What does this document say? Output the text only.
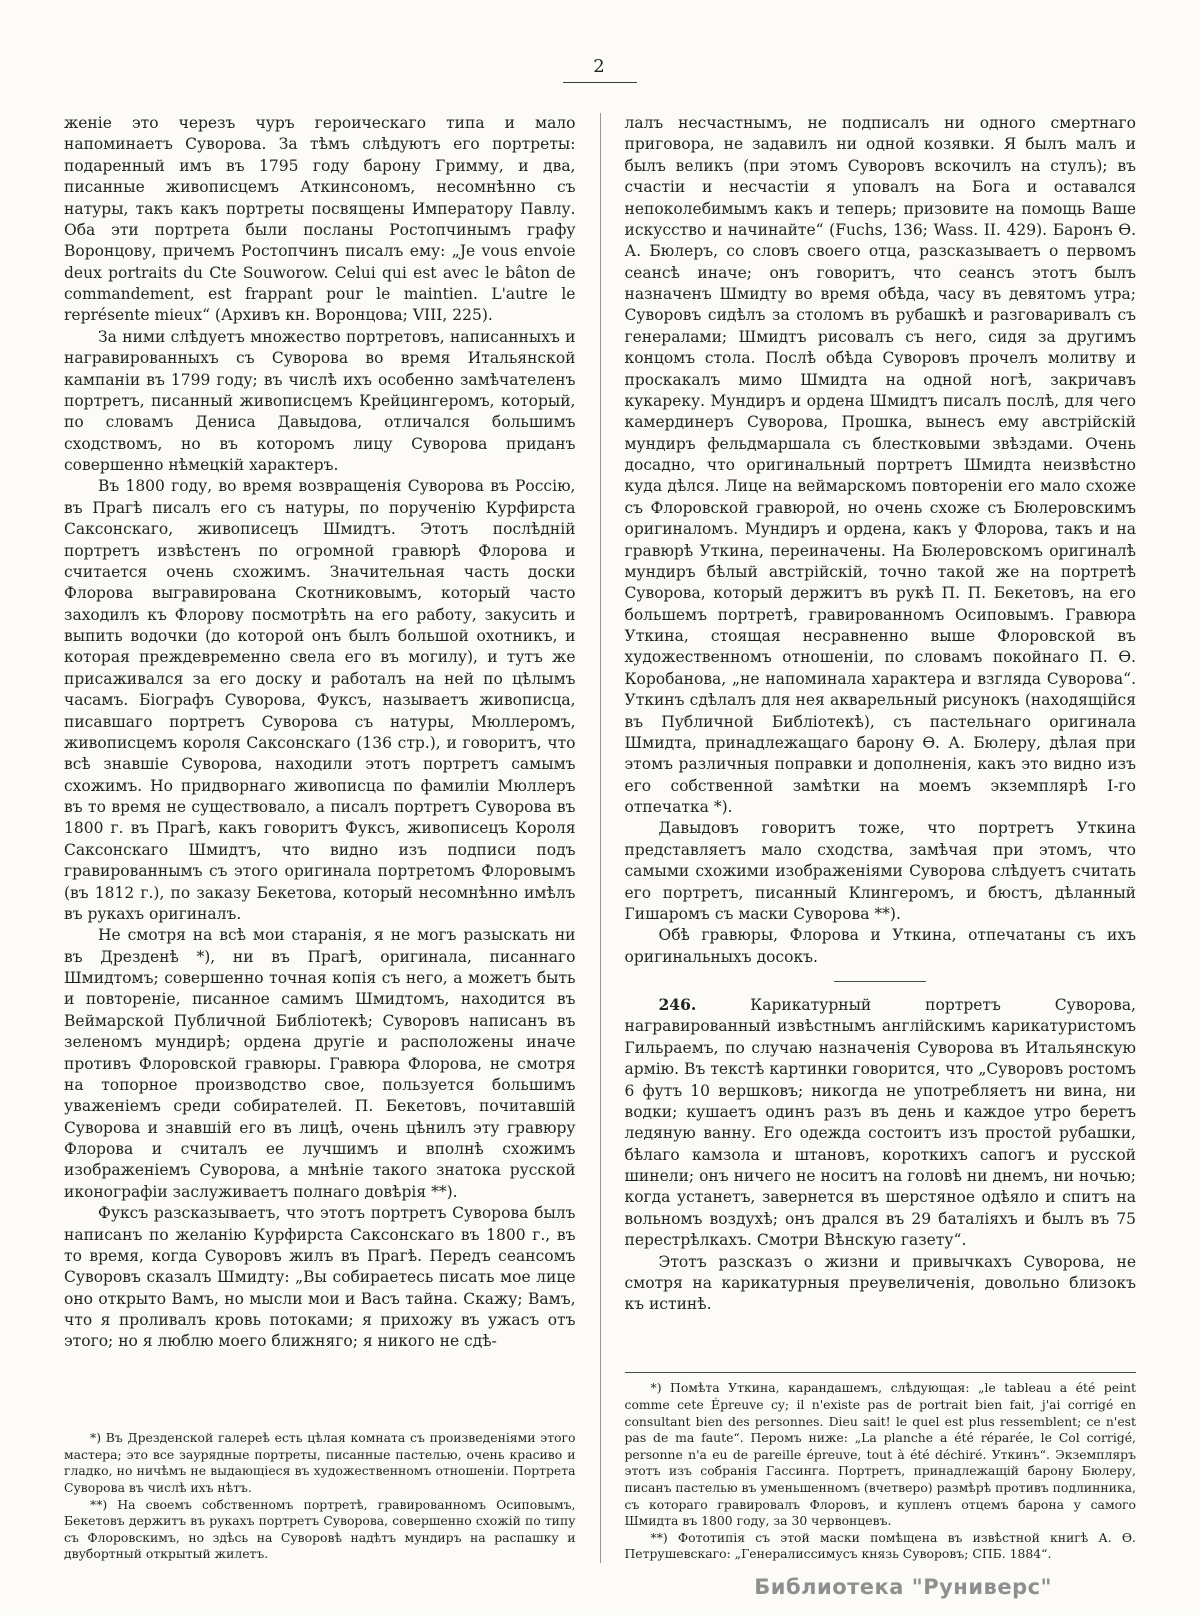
2

женіе это черезъ чуръ героическаго типа и мало напоминаетъ Суворова. За тѣмъ слѣдуютъ его портреты: подаренный имъ въ 1795 году барону Гримму, и два, писанные живописцемъ Аткинсономъ, несомнѣнно съ натуры, такъ какъ портреты посвящены Императору Павлу. Оба эти портрета были посланы Ростопчинымъ графу Воронцову, причемъ Ростопчинъ писалъ ему: „Je vous envoie deux portraits du Cte Souworow. Celui qui est avec le bâton de commandement, est frappant pour le maintien. L'autre le représente mieux“ (Архивъ кн. Воронцова; VIII, 225).

За ними слѣдуетъ множество портретовъ, написанныхъ и награвированныхъ съ Суворова во время Итальянской кампаніи въ 1799 году; въ числѣ ихъ особенно замѣчателенъ портретъ, писанный живописцемъ Крейцингеромъ, который, по словамъ Дениса Давыдова, отличался большимъ сходствомъ, но въ которомъ лицу Суворова приданъ совершенно нѣмецкій характеръ.

Въ 1800 году, во время возвращенія Суворова въ Россію, въ Прагѣ писалъ его съ натуры, по порученію Курфирста Саксонскаго, живописецъ Шмидтъ. Этотъ послѣдній портретъ извѣстенъ по огромной гравюрѣ Флорова и считается очень схожимъ. Значительная часть доски Флорова выгравирована Скотниковымъ, который часто заходилъ къ Флорову посмотрѣть на его работу, закусить и выпить водочки (до которой онъ былъ большой охотникъ, и которая преждевременно свела его въ могилу), и тутъ же присаживался за его доску и работалъ на ней по цѣлымъ часамъ. Біографъ Суворова, Фуксъ, называетъ живописца, писавшаго портретъ Суворова съ натуры, Мюллеромъ, живописцемъ короля Саксонскаго (136 стр.), и говоритъ, что всѣ знавшіе Суворова, находили этотъ портретъ самымъ схожимъ. Но придворнаго живописца по фамиліи Мюллеръ въ то время не существовало, а писалъ портретъ Суворова въ 1800 г. въ Прагѣ, какъ говоритъ Фуксъ, живописецъ Короля Саксонскаго Шмидтъ, что видно изъ подписи подъ гравированнымъ съ этого оригинала портретомъ Флоровымъ (въ 1812 г.), по заказу Бекетова, который несомнѣнно имѣлъ въ рукахъ оригиналъ.

Не смотря на всѣ мои старанія, я не могъ разыскать ни въ Дрезденѣ *), ни въ Прагѣ, оригинала, писаннаго Шмидтомъ; совершенно точная копія съ него, а можетъ быть и повтореніе, писанное самимъ Шмидтомъ, находится въ Веймарской Публичной Библіотекѣ; Суворовъ написанъ въ зеленомъ мундирѣ; ордена другіе и расположены иначе противъ Флоровской гравюры. Гравюра Флорова, не смотря на топорное производство свое, пользуется большимъ уваженіемъ среди собирателей. П. Бекетовъ, почитавшій Суворова и знавшій его въ лицѣ, очень цѣнилъ эту гравюру Флорова и считалъ ее лучшимъ и вполнѣ схожимъ изображеніемъ Суворова, а мнѣніе такого знатока русской иконографіи заслуживаетъ полнаго довѣрія **).

Фуксъ разсказываетъ, что этотъ портретъ Суворова былъ написанъ по желанію Курфирста Саксонскаго въ 1800 г., въ то время, когда Суворовъ жилъ въ Прагѣ. Передъ сеансомъ Суворовъ сказалъ Шмидту: „Вы собираетесь писать мое лице оно открыто Вамъ, но мысли мои и Васъ тайна. Скажу; Вамъ, что я проливалъ кровь потоками; я прихожу въ ужасъ отъ этого; но я люблю моего ближняго; я никого не сдѣ-

*) Въ Дрезденской галереѣ есть цѣлая комната съ произведеніями этого мастера; это все заурядные портреты, писанные пастелью, очень красиво и гладко, но ничѣмъ не выдающіеся въ художественномъ отношеніи. Портрета Суворова въ числѣ ихъ нѣтъ.

**) На своемъ собственномъ портретѣ, гравированномъ Осиповымъ, Бекетовъ держитъ въ рукахъ портретъ Суворова, совершенно схожій по типу съ Флоровскимъ, но здѣсь на Суворовѣ надѣтъ мундиръ на распашку и двубортный открытый жилетъ.

лалъ несчастнымъ, не подписалъ ни одного смертнаго приговора, не задавилъ ни одной козявки. Я былъ малъ и былъ великъ (при этомъ Суворовъ вскочилъ на стулъ); въ счастіи и несчастіи я уповалъ на Бога и оставался непоколебимымъ какъ и теперь; призовите на помощь Ваше искусство и начинайте“ (Fuchs, 136; Wass. II. 429). Баронъ Ѳ. А. Бюлеръ, со словъ своего отца, разсказываетъ о первомъ сеансѣ иначе; онъ говоритъ, что сеансъ этотъ былъ назначенъ Шмидту во время обѣда, часу въ девятомъ утра; Суворовъ сидѣлъ за столомъ въ рубашкѣ и разговаривалъ съ генералами; Шмидтъ рисовалъ съ него, сидя за другимъ концомъ стола. Послѣ обѣда Суворовъ прочелъ молитву и проскакалъ мимо Шмидта на одной ногѣ, закричавъ кукареку. Мундиръ и ордена Шмидтъ писалъ послѣ, для чего камердинеръ Суворова, Прошка, вынесъ ему австрійскій мундиръ фельдмаршала съ блестковыми звѣздами. Очень досадно, что оригинальный портретъ Шмидта неизвѣстно куда дѣлся. Лице на веймарскомъ повтореніи его мало схоже съ Флоровской гравюрой, но очень схоже съ Бюлеровскимъ оригиналомъ. Мундиръ и ордена, какъ у Флорова, такъ и на гравюрѣ Уткина, переиначены. На Бюлеровскомъ оригиналѣ мундиръ бѣлый австрійскій, точно такой же на портретѣ Суворова, который держитъ въ рукѣ П. П. Бекетовъ, на его большемъ портретѣ, гравированномъ Осиповымъ. Гравюра Уткина, стоящая несравненно выше Флоровской въ художественномъ отношеніи, по словамъ покойнаго П. Ѳ. Коробанова, „не напоминала характера и взгляда Суворова“. Уткинъ сдѣлалъ для нея акварельный рисунокъ (находящійся въ Публичной Библіотекѣ), съ пастельнаго оригинала Шмидта, принадлежащаго барону Ѳ. А. Бюлеру, дѣлая при этомъ различныя поправки и дополненія, какъ это видно изъ его собственной замѣтки на моемъ экземплярѣ I-го отпечатка *).

Давыдовъ говоритъ тоже, что портретъ Уткина представляетъ мало сходства, замѣчая при этомъ, что самыми схожими изображеніями Суворова слѣдуетъ считать его портретъ, писанный Клингеромъ, и бюстъ, дѣланный Гишаромъ съ маски Суворова **).

Обѣ гравюры, Флорова и Уткина, отпечатаны съ ихъ оригинальныхъ досокъ.

246.	Карикатурный портретъ Суворова, награвированный извѣстнымъ англійскимъ карикатуристомъ Гильраемъ, по случаю назначенія Суворова въ Итальянскую армію. Въ текстѣ картинки говорится, что „Суворовъ ростомъ 6 футъ 10 вершковъ; никогда не употребляетъ ни вина, ни водки; кушаетъ одинъ разъ въ день и каждое утро беретъ ледяную ванну. Его одежда состоитъ изъ простой рубашки, бѣлаго камзола и штановъ, короткихъ сапогъ и русской шинели; онъ ничего не носитъ на головѣ ни днемъ, ни ночью; когда устанетъ, завернется въ шерстяное одѣяло и спитъ на вольномъ воздухѣ; онъ дрался въ 29 баталіяхъ и былъ въ 75 перестрѣлкахъ. Смотри Вѣнскую газету“.

Этотъ разсказъ о жизни и привычкахъ Суворова, не смотря на карикатурныя преувеличенія, довольно близокъ къ истинѣ.

*) Помѣта Уткина, карандашемъ, слѣдующая: „le tableau a été peint comme cete Épreuve cy; il n'existe pas de portrait bien fait, j'ai corrigé en consultant bien des personnes. Dieu sait! le quel est plus ressemblent; ce n'est pas de ma faute“. Перомъ ниже: „La planche a été réparée, le Col corrigé, personne n'a eu de pareille épreuve, tout à été déchiré. Уткинъ“. Экземпляръ этотъ изъ собранія Гассинга. Портретъ, принадлежащій барону Бюлеру, писанъ пастелью въ уменьшенномъ (вчетверо) размѣрѣ противъ подлинника, съ котораго гравировалъ Флоровъ, и купленъ отцемъ барона у самого Шмидта въ 1800 году, за 30 червонцевъ.

**) Фототипія съ этой маски помѣщена въ извѣстной книгѣ А. Ѳ. Петрушевскаго: „Генералиссимусъ князь Суворовъ; СПБ. 1884“.

Библиотека "Руниверс"
